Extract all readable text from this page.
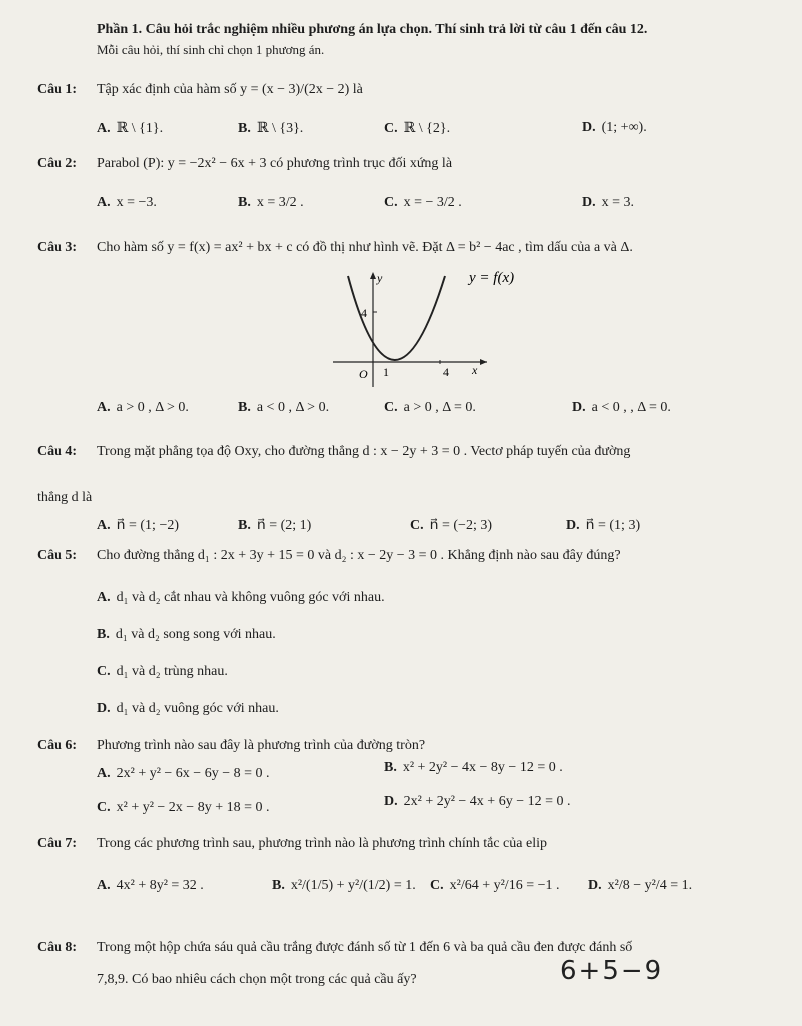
Phần 1. Câu hỏi trắc nghiệm nhiều phương án lựa chọn. Thí sinh trả lời từ câu 1 đến câu 12.
Mỗi câu hỏi, thí sinh chỉ chọn 1 phương án.
Câu 1: Tập xác định của hàm số y = (x − 3)/(2x − 2) là
A. ℝ \ {1}.	B. ℝ \ {3}.	C. ℝ \ {2}.	D. (1; +∞).
Câu 2: Parabol (P): y = −2x² − 6x + 3 có phương trình trục đối xứng là
A. x = −3.	B. x = 3/2 .	C. x = − 3/2 .	D. x = 3.
Câu 3: Cho hàm số y = f(x) = ax² + bx + c có đồ thị như hình vẽ. Đặt Δ = b² − 4ac , tìm dấu của a và Δ.
y	y = f(x)
4
O 1	4 x
A. a > 0 , Δ > 0.	B. a < 0 , Δ > 0.	C. a > 0 , Δ = 0.	D. a < 0 , , Δ = 0.
Câu 4: Trong mặt phẳng tọa độ Oxy, cho đường thẳng d : x − 2y + 3 = 0 . Vectơ pháp tuyến của đường
thẳng d là
A. n⃗ = (1; −2)	B. n⃗ = (2; 1)	C. n⃗ = (−2; 3)	D. n⃗ = (1; 3)
Câu 5: Cho đường thẳng d₁ : 2x + 3y + 15 = 0 và d₂ : x − 2y − 3 = 0 . Khẳng định nào sau đây đúng?
A. d₁ và d₂ cắt nhau và không vuông góc với nhau.
B. d₁ và d₂ song song với nhau.
C. d₁ và d₂ trùng nhau.
D. d₁ và d₂ vuông góc với nhau.
Câu 6: Phương trình nào sau đây là phương trình của đường tròn?
A. 2x² + y² − 6x − 6y − 8 = 0 .	B. x² + 2y² − 4x − 8y − 12 = 0 .
C. x² + y² − 2x − 8y + 18 = 0 .	D. 2x² + 2y² − 4x + 6y − 12 = 0 .
Câu 7: Trong các phương trình sau, phương trình nào là phương trình chính tắc của elip
A. 4x² + 8y² = 32 .	B. x²/(1/5) + y²/(1/2) = 1. C. x²/64 + y²/16 = −1 . D. x²/8 − y²/4 = 1.
Câu 8: Trong một hộp chứa sáu quả cầu trắng được đánh số từ 1 đến 6 và ba quả cầu đen được đánh số
7,8,9. Có bao nhiêu cách chọn một trong các quả cầu ấy?	6+5−9
